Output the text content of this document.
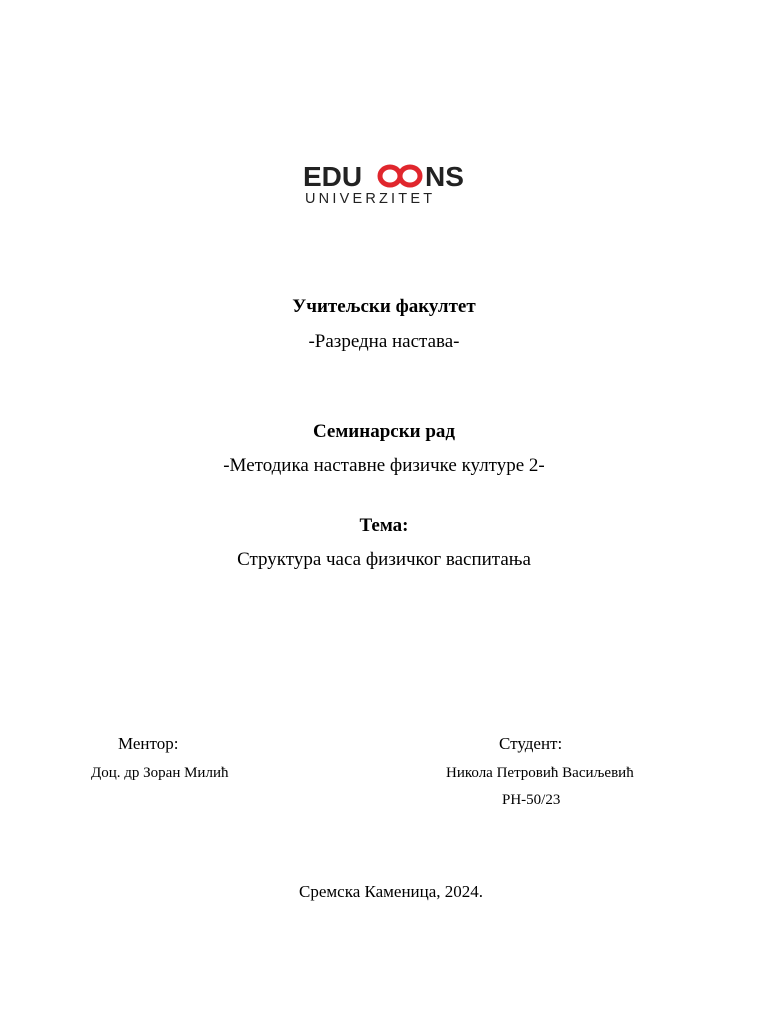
EDU NS
UNIVERZITET
Учитељски факултет
-Разредна настава-
Семинарски рад
-Методика наставне физичке културе 2-
Тема:
Структура часа физичког васпитања
Ментор:
Доц. др Зоран Милић
Студент:
Никола Петровић Васиљевић
РН-50/23
Сремска Каменица, 2024.
